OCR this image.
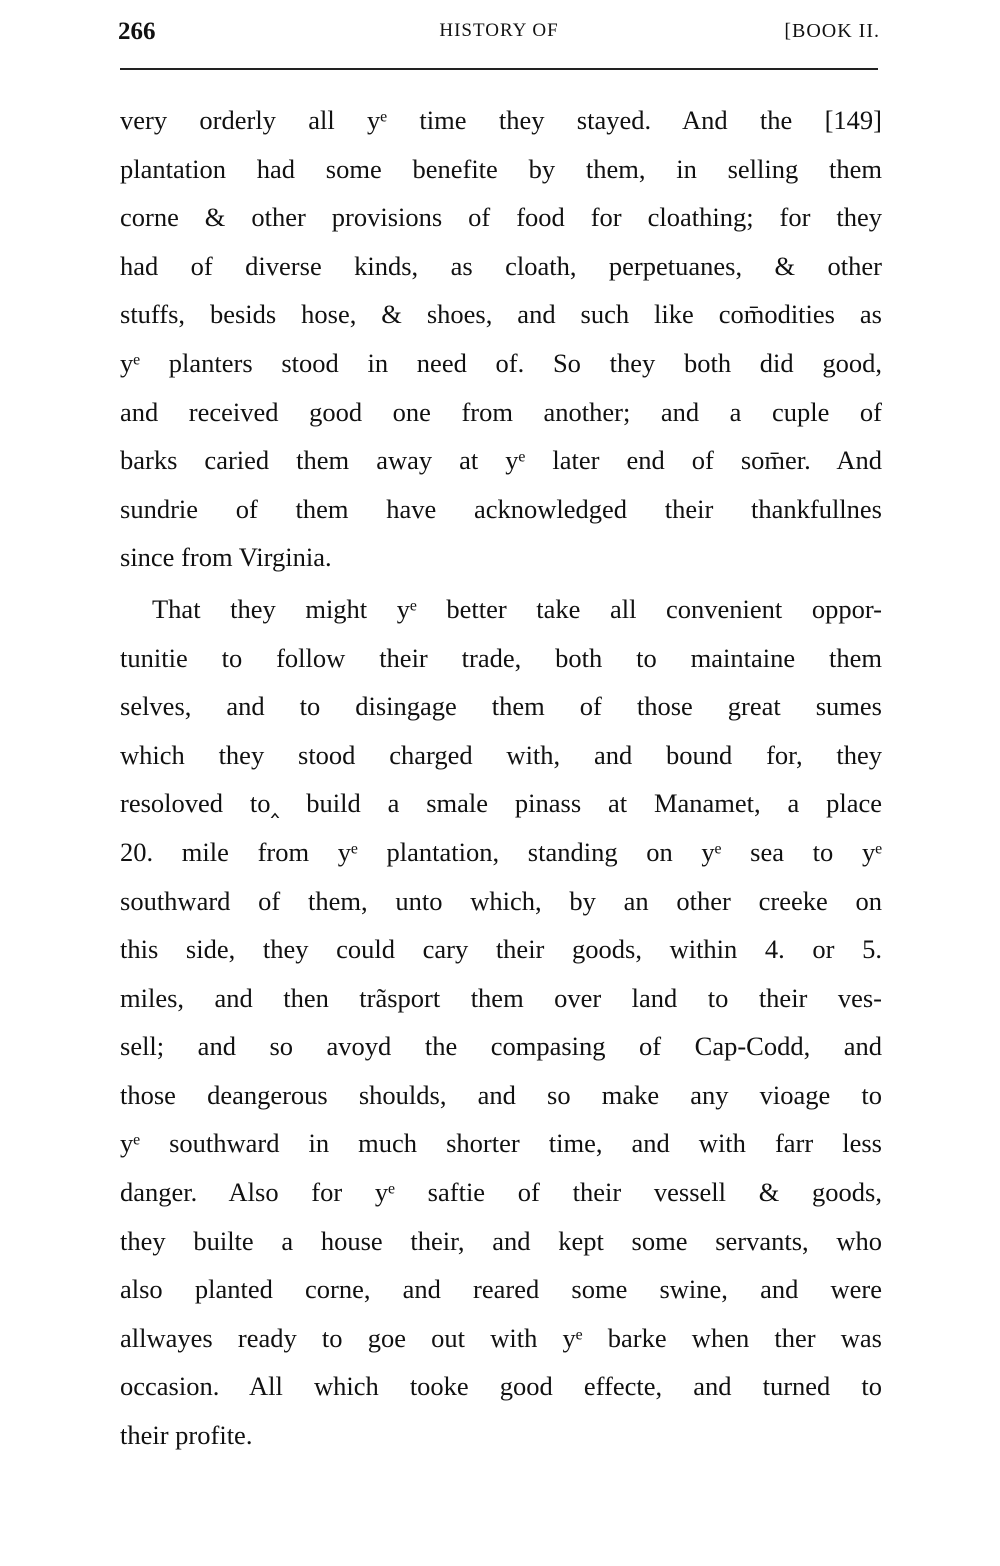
266	HISTORY OF	[BOOK II.
very orderly all yᵉ time they stayed. And the [149]
plantation had some benefite by them, in selling them
corne & other provisions of food for cloathing; for they
had of diverse kinds, as cloath, perpetuanes, & other
stuffs, besids hose, & shoes, and such like com̄odities as
yᵉ planters stood in need of. So they both did good,
and received good one from another; and a cuple of
barks caried them away at yᵉ later end of som̄er. And
sundrie of them have acknowledged their thankfullnes
since from Virginia.
That they might yᵉ better take all convenient oppor-
tunitie to follow their trade, both to maintaine them
selves, and to disingage them of those great sumes
which they stood charged with, and bound for, they
resoloved to‸ build a smale pinass at Manamet, a place
20. mile from yᵉ plantation, standing on yᵉ sea to yᵉ
southward of them, unto which, by an other creeke on
this side, they could cary their goods, within 4. or 5.
miles, and then trãsport them over land to their ves-
sell; and so avoyd the compasing of Cap-Codd, and
those deangerous shoulds, and so make any vioage to
yᵉ southward in much shorter time, and with farr less
danger. Also for yᵉ saftie of their vessell & goods,
they builte a house their, and kept some servants, who
also planted corne, and reared some swine, and were
allwayes ready to goe out with yᵉ barke when ther was
occasion. All which tooke good effecte, and turned to
their profite.
